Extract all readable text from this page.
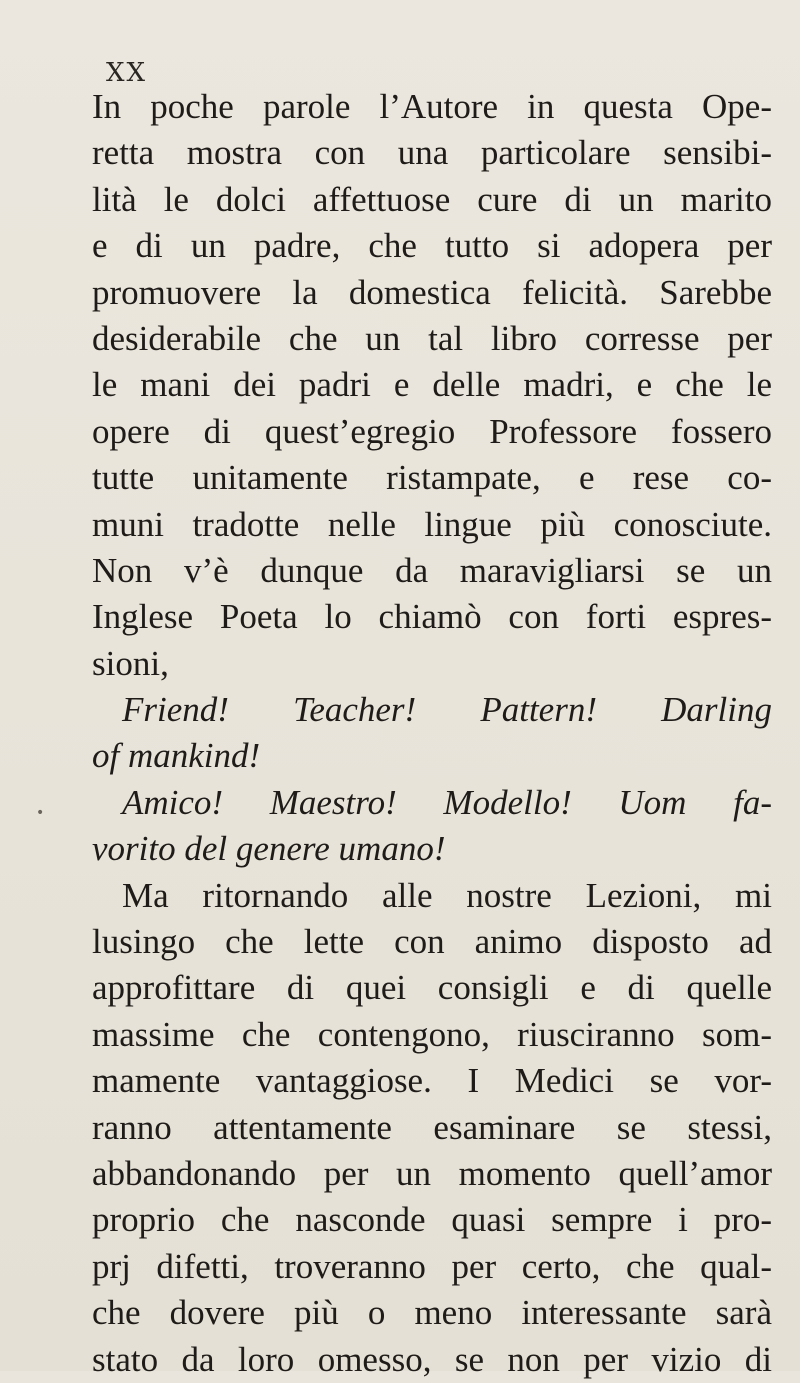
XX
•
In poche parole l’Autore in questa Ope-
retta mostra con una particolare sensibi-
lità le dolci affettuose cure di un marito
e di un padre, che tutto si adopera per
promuovere la domestica felicità. Sarebbe
desiderabile che un tal libro corresse per
le mani dei padri e delle madri, e che le
opere di quest’egregio Professore fossero
tutte unitamente ristampate, e rese co-
muni tradotte nelle lingue più conosciute.
Non v’è dunque da maravigliarsi se un
Inglese Poeta lo chiamò con forti espres-
sioni,
Friend! Teacher! Pattern! Darling
of mankind!
Amico! Maestro! Modello! Uom fa-
vorito del genere umano!
Ma ritornando alle nostre Lezioni, mi
lusingo che lette con animo disposto ad
approfittare di quei consigli e di quelle
massime che contengono, riusciranno som-
mamente vantaggiose. I Medici se vor-
ranno attentamente esaminare se stessi,
abbandonando per un momento quell’amor
proprio che nasconde quasi sempre i pro-
prj difetti, troveranno per certo, che qual-
che dovere più o meno interessante sarà
stato da loro omesso, se non per vizio di
